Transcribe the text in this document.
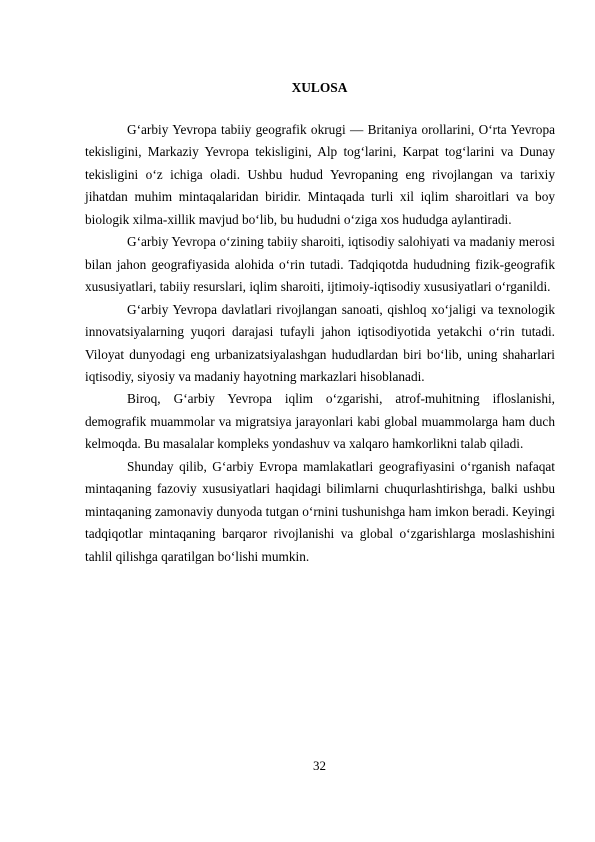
XULOSA

G‘arbiy Yevropa tabiiy geografik okrugi — Britaniya orollarini, O‘rta Yevropa tekisligini, Markaziy Yevropa tekisligini, Alp tog‘larini, Karpat tog‘larini va Dunay tekisligini o‘z ichiga oladi. Ushbu hudud Yevropaning eng rivojlangan va tarixiy jihatdan muhim mintaqalaridan biridir. Mintaqada turli xil iqlim sharoitlari va boy biologik xilma-xillik mavjud bo‘lib, bu hududni o‘ziga xos hududga aylantiradi.

G‘arbiy Yevropa o‘zining tabiiy sharoiti, iqtisodiy salohiyati va madaniy merosi bilan jahon geografiyasida alohida o‘rin tutadi. Tadqiqotda hududning fizik-geografik xususiyatlari, tabiiy resurslari, iqlim sharoiti, ijtimoiy-iqtisodiy xususiyatlari o‘rganildi.

G‘arbiy Yevropa davlatlari rivojlangan sanoati, qishloq xo‘jaligi va texnologik innovatsiyalarning yuqori darajasi tufayli jahon iqtisodiyotida yetakchi o‘rin tutadi. Viloyat dunyodagi eng urbanizatsiyalashgan hududlardan biri bo‘lib, uning shaharlari iqtisodiy, siyosiy va madaniy hayotning markazlari hisoblanadi.

Biroq, G‘arbiy Yevropa iqlim o‘zgarishi, atrof-muhitning ifloslanishi, demografik muammolar va migratsiya jarayonlari kabi global muammolarga ham duch kelmoqda. Bu masalalar kompleks yondashuv va xalqaro hamkorlikni talab qiladi.

Shunday qilib, G‘arbiy Evropa mamlakatlari geografiyasini o‘rganish nafaqat mintaqaning fazoviy xususiyatlari haqidagi bilimlarni chuqurlashtirishga, balki ushbu mintaqaning zamonaviy dunyoda tutgan o‘rnini tushunishga ham imkon beradi. Keyingi tadqiqotlar mintaqaning barqaror rivojlanishi va global o‘zgarishlarga moslashishini tahlil qilishga qaratilgan bo‘lishi mumkin.

32
